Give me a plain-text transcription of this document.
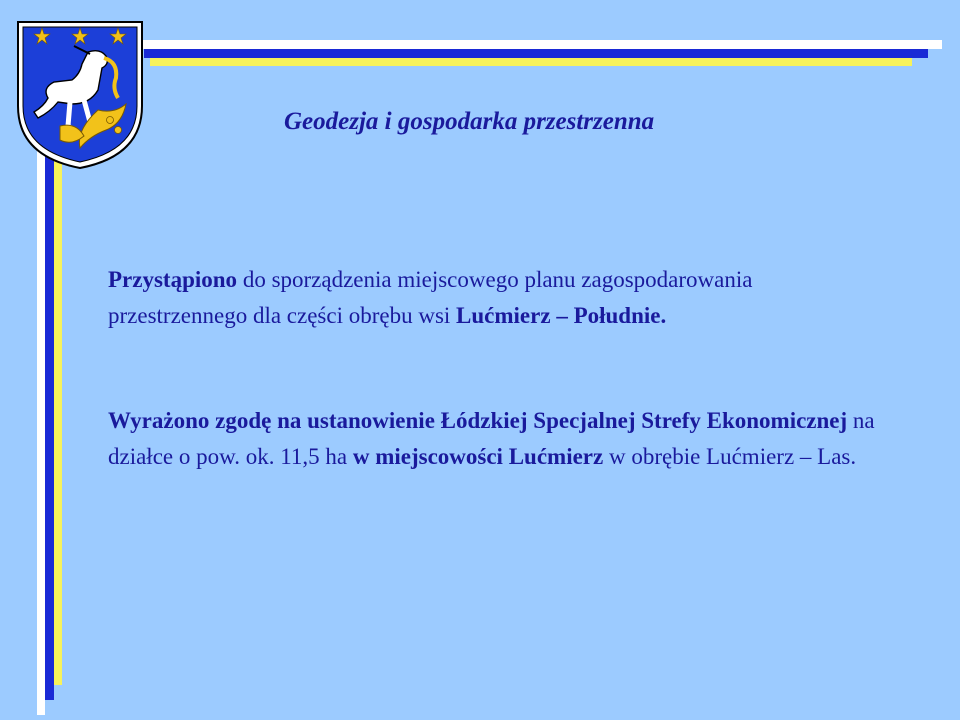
Geodezja i gospodarka przestrzenna

Przystąpiono do sporządzenia miejscowego planu zagospodarowania przestrzennego dla części obrębu wsi Lućmierz – Południe.

Wyrażono zgodę na ustanowienie Łódzkiej Specjalnej Strefy Ekonomicznej na działce o pow. ok. 11,5 ha w miejscowości Lućmierz w obrębie Lućmierz – Las.
